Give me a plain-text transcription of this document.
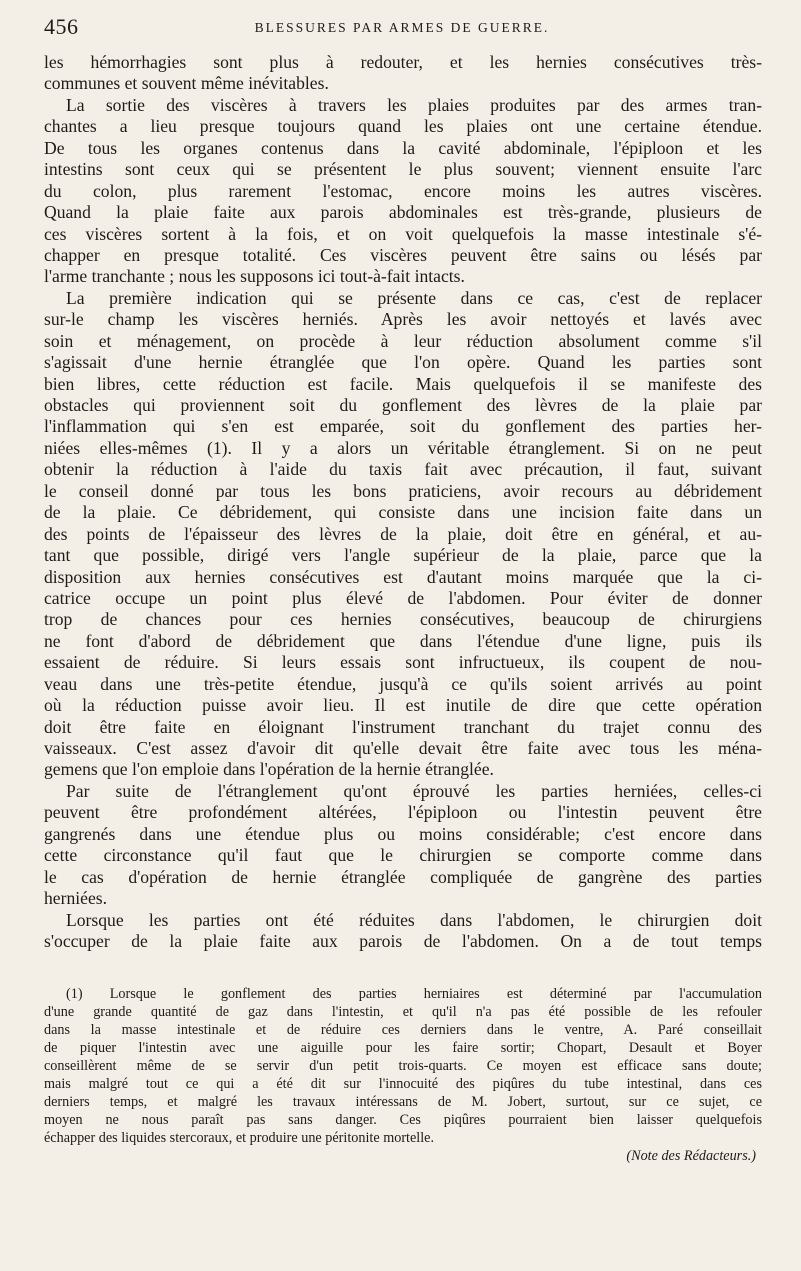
456	BLESSURES PAR ARMES DE GUERRE.
les hémorrhagies sont plus à redouter, et les hernies consécutives très-
communes et souvent même inévitables.
La sortie des viscères à travers les plaies produites par des armes tran-
chantes a lieu presque toujours quand les plaies ont une certaine étendue.
De tous les organes contenus dans la cavité abdominale, l'épiploon et les
intestins sont ceux qui se présentent le plus souvent; viennent ensuite l'arc
du colon, plus rarement l'estomac, encore moins les autres viscères.
Quand la plaie faite aux parois abdominales est très-grande, plusieurs de
ces viscères sortent à la fois, et on voit quelquefois la masse intestinale s'é-
chapper en presque totalité. Ces viscères peuvent être sains ou lésés par
l'arme tranchante ; nous les supposons ici tout-à-fait intacts.
La première indication qui se présente dans ce cas, c'est de replacer
sur-le champ les viscères herniés. Après les avoir nettoyés et lavés avec
soin et ménagement, on procède à leur réduction absolument comme s'il
s'agissait d'une hernie étranglée que l'on opère. Quand les parties sont
bien libres, cette réduction est facile. Mais quelquefois il se manifeste des
obstacles qui proviennent soit du gonflement des lèvres de la plaie par
l'inflammation qui s'en est emparée, soit du gonflement des parties her-
niées elles-mêmes (1). Il y a alors un véritable étranglement. Si on ne peut
obtenir la réduction à l'aide du taxis fait avec précaution, il faut, suivant
le conseil donné par tous les bons praticiens, avoir recours au débridement
de la plaie. Ce débridement, qui consiste dans une incision faite dans un
des points de l'épaisseur des lèvres de la plaie, doit être en général, et au-
tant que possible, dirigé vers l'angle supérieur de la plaie, parce que la
disposition aux hernies consécutives est d'autant moins marquée que la ci-
catrice occupe un point plus élevé de l'abdomen. Pour éviter de donner
trop de chances pour ces hernies consécutives, beaucoup de chirurgiens
ne font d'abord de débridement que dans l'étendue d'une ligne, puis ils
essaient de réduire. Si leurs essais sont infructueux, ils coupent de nou-
veau dans une très-petite étendue, jusqu'à ce qu'ils soient arrivés au point
où la réduction puisse avoir lieu. Il est inutile de dire que cette opération
doit être faite en éloignant l'instrument tranchant du trajet connu des
vaisseaux. C'est assez d'avoir dit qu'elle devait être faite avec tous les ména-
gemens que l'on emploie dans l'opération de la hernie étranglée.
Par suite de l'étranglement qu'ont éprouvé les parties herniées, celles-ci
peuvent être profondément altérées, l'épiploon ou l'intestin peuvent être
gangrenés dans une étendue plus ou moins considérable; c'est encore dans
cette circonstance qu'il faut que le chirurgien se comporte comme dans
le cas d'opération de hernie étranglée compliquée de gangrène des parties
herniées.
Lorsque les parties ont été réduites dans l'abdomen, le chirurgien doit
s'occuper de la plaie faite aux parois de l'abdomen. On a de tout temps
(1) Lorsque le gonflement des parties herniaires est déterminé par l'accumulation
d'une grande quantité de gaz dans l'intestin, et qu'il n'a pas été possible de les refouler
dans la masse intestinale et de réduire ces derniers dans le ventre, A. Paré conseillait
de piquer l'intestin avec une aiguille pour les faire sortir; Chopart, Desault et Boyer
conseillèrent même de se servir d'un petit trois-quarts. Ce moyen est efficace sans doute;
mais malgré tout ce qui a été dit sur l'innocuité des piqûres du tube intestinal, dans ces
derniers temps, et malgré les travaux intéressans de M. Jobert, surtout, sur ce sujet, ce
moyen ne nous paraît pas sans danger. Ces piqûres pourraient bien laisser quelquefois
échapper des liquides stercoraux, et produire une péritonite mortelle.
(Note des Rédacteurs.)
